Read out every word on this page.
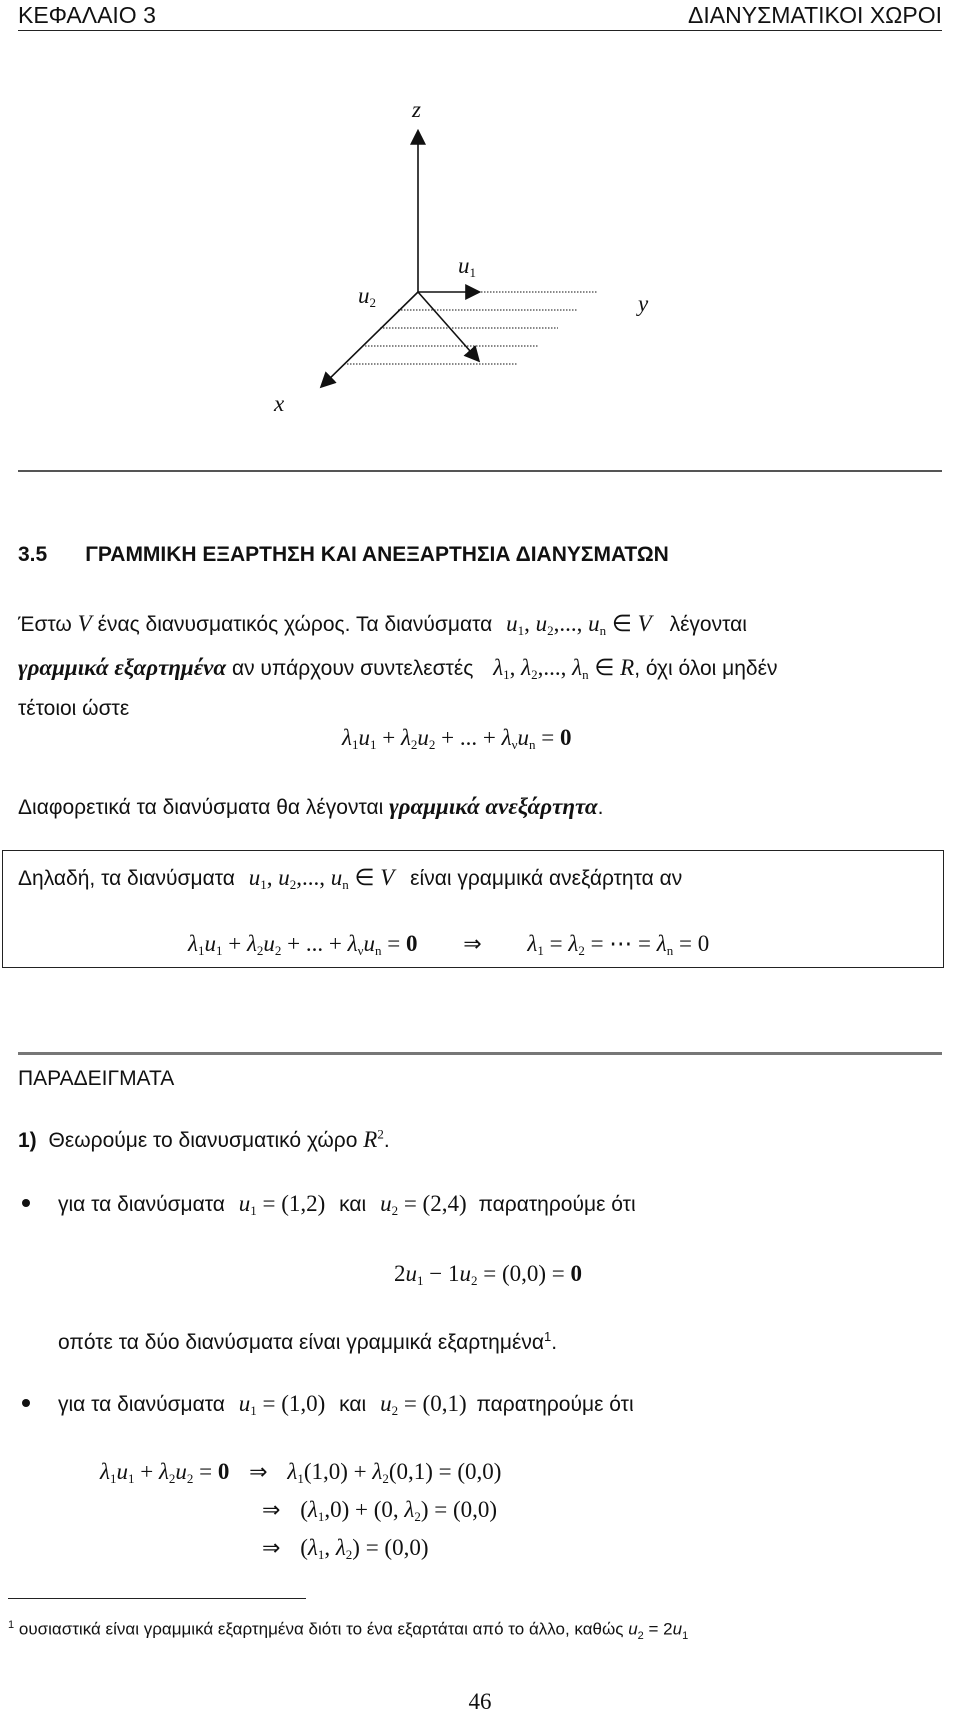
ΚΕΦΑΛΑΙΟ 3	ΔΙΑΝΥΣΜΑΤΙΚΟΙ ΧΩΡΟΙ
z
y
x
$u_1$
$u_2$
3.5 ΓΡΑΜΜΙΚΗ ΕΞΑΡΤΗΣΗ ΚΑΙ ΑΝΕΞΑΡΤΗΣΙΑ ΔΙΑΝΥΣΜΑΤΩΝ
Έστω V ένας διανυσματικός χώρος. Τα διανύσματα $u_1$, $u_2$,..., $u_n$ ∈ V λέγονται
γραμμικά εξαρτημένα αν υπάρχουν συντελεστές $\lambda_1$, $\lambda_2$,..., $\lambda_n$ ∈ R, όχι όλοι μηδέν
τέτοιοι ώστε
$\lambda_1u_1 + \lambda_2u_2$ + ... + $\lambda_\nu u_n = 0$
Διαφορετικά τα διανύσματα θα λέγονται γραμμικά ανεξάρτητα.
Δηλαδή, τα διανύσματα $u_1$, $u_2$,..., $u_n$ ∈ V είναι γραμμικά ανεξάρτητα αν
$\lambda_1u_1 + \lambda_2u_2$ + ... + $\lambda_\nu u_n = 0$ ⇒ $\lambda_1 = \lambda_2$ = ⋯ = $\lambda_n = 0$
ΠΑΡΑΔΕΙΓΜΑΤΑ
1) Θεωρούμε το διανυσματικό χώρο $R^2$.
για τα διανύσματα $u_1 = (1,2)$ και $u_2 = (2,4)$ παρατηρούμε ότι
$2u_1 - 1u_2 = (0,0) = 0$
οπότε τα δύο διανύσματα είναι γραμμικά εξαρτημένα$^1$.
για τα διανύσματα $u_1 = (1,0)$ και $u_2 = (0,1)$ παρατηρούμε ότι
$\lambda_1u_1 + \lambda_2u_2 = 0$ ⇒ $\lambda_1(1,0) + \lambda_2(0,1) = (0,0)$
⇒ $(\lambda_1,0) + (0$, $\lambda_2) = (0,0)$
⇒ ($\lambda_1$, $\lambda_2) = (0,0)$
$^1$ ουσιαστικά είναι γραμμικά εξαρτημένα διότι το ένα εξαρτάται από το άλλο, καθώς $u_2 = 2u_1$
46
